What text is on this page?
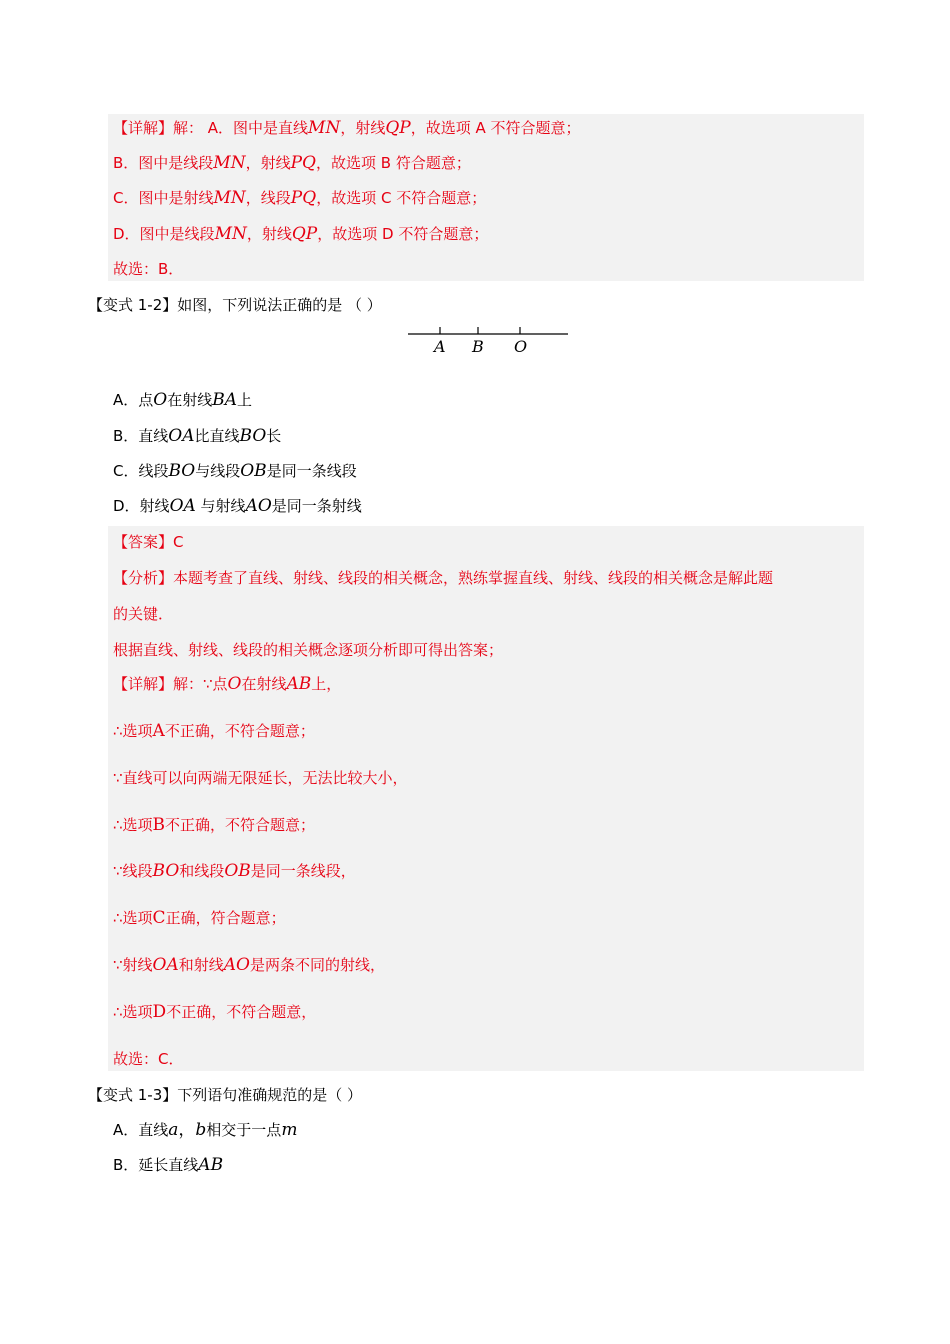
【详解】解： A．图中是直线MN，射线QP，故选项 A 不符合题意；
B．图中是线段MN，射线PQ，故选项 B 符合题意；
C．图中是射线MN，线段PQ，故选项 C 不符合题意；
D．图中是线段MN，射线QP，故选项 D 不符合题意；
故选：B．
【变式 1-2】如图，下列说法正确的是 （ ）
A B O
A．点O在射线BA上
B．直线OA比直线BO长
C．线段BO与线段OB是同一条线段
D．射线OA 与射线AO是同一条射线
【答案】C
【分析】本题考查了直线、射线、线段的相关概念，熟练掌握直线、射线、线段的相关概念是解此题
的关键．
根据直线、射线、线段的相关概念逐项分析即可得出答案；
【详解】解：∵点O在射线AB上，
∴选项A不正确，不符合题意；
∵直线可以向两端无限延长，无法比较大小，
∴选项B不正确，不符合题意；
∵线段BO和线段OB是同一条线段，
∴选项C正确，符合题意；
∵射线OA和射线AO是两条不同的射线，
∴选项D不正确，不符合题意，
故选：C．
【变式 1-3】下列语句准确规范的是（ ）
A．直线a，b相交于一点m
B．延长直线AB
